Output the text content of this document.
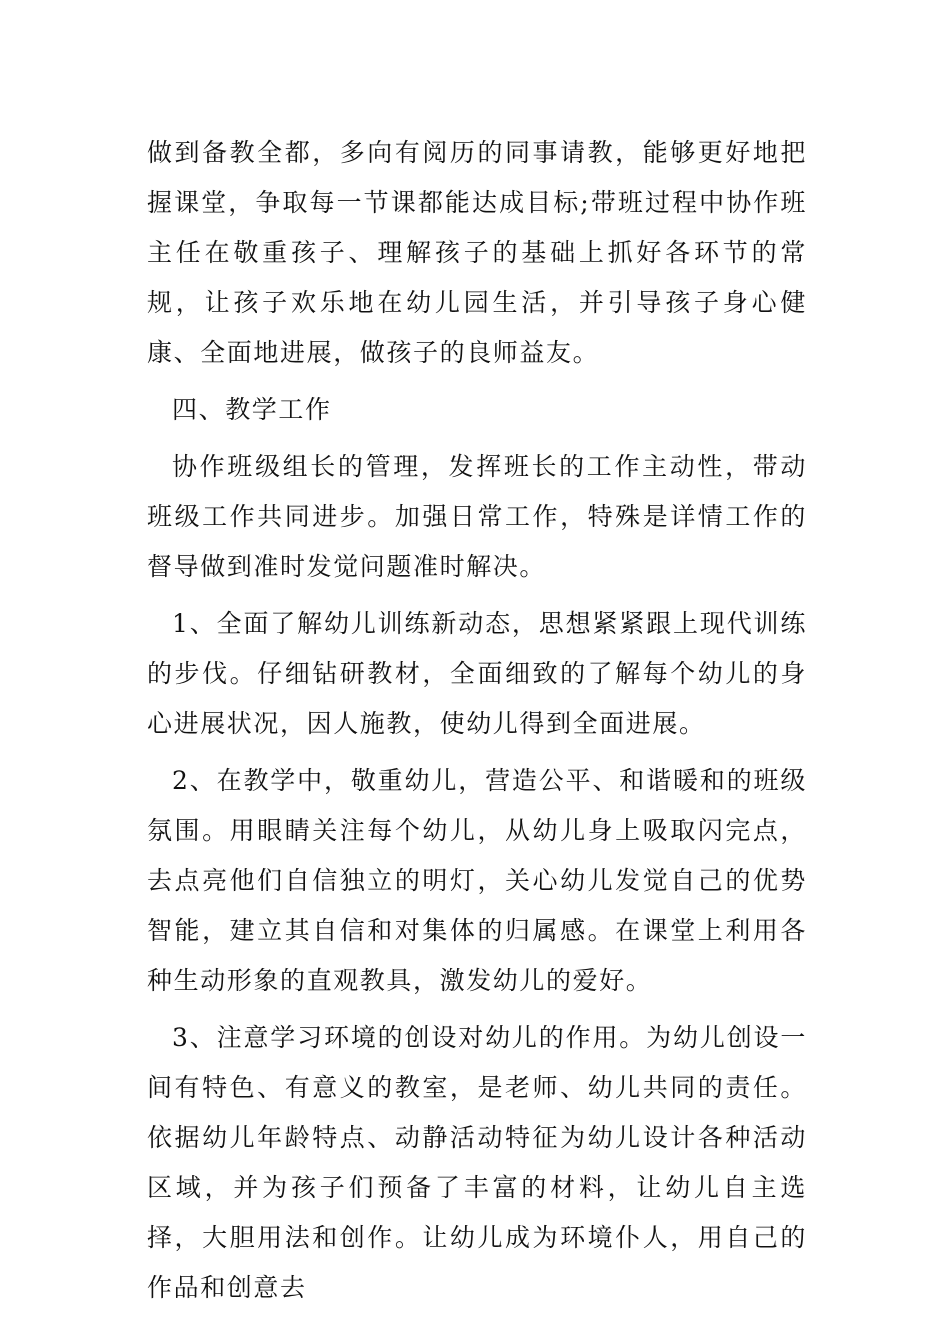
做到备教全都，多向有阅历的同事请教，能够更好地把握课堂，争取每一节课都能达成目标;带班过程中协作班主任在敬重孩子、理解孩子的基础上抓好各环节的常规，让孩子欢乐地在幼儿园生活，并引导孩子身心健康、全面地进展，做孩子的良师益友。

四、教学工作

协作班级组长的管理，发挥班长的工作主动性，带动班级工作共同进步。加强日常工作，特殊是详情工作的督导做到准时发觉问题准时解决。

1、全面了解幼儿训练新动态，思想紧紧跟上现代训练的步伐。仔细钻研教材，全面细致的了解每个幼儿的身心进展状况，因人施教，使幼儿得到全面进展。

2、在教学中，敬重幼儿，营造公平、和谐暖和的班级氛围。用眼睛关注每个幼儿，从幼儿身上吸取闪完点，去点亮他们自信独立的明灯，关心幼儿发觉自己的优势智能，建立其自信和对集体的归属感。在课堂上利用各种生动形象的直观教具，激发幼儿的爱好。

3、注意学习环境的创设对幼儿的作用。为幼儿创设一间有特色、有意义的教室，是老师、幼儿共同的责任。依据幼儿年龄特点、动静活动特征为幼儿设计各种活动区域，并为孩子们预备了丰富的材料，让幼儿自主选择，大胆用法和创作。让幼儿成为环境仆人，用自己的作品和创意去
